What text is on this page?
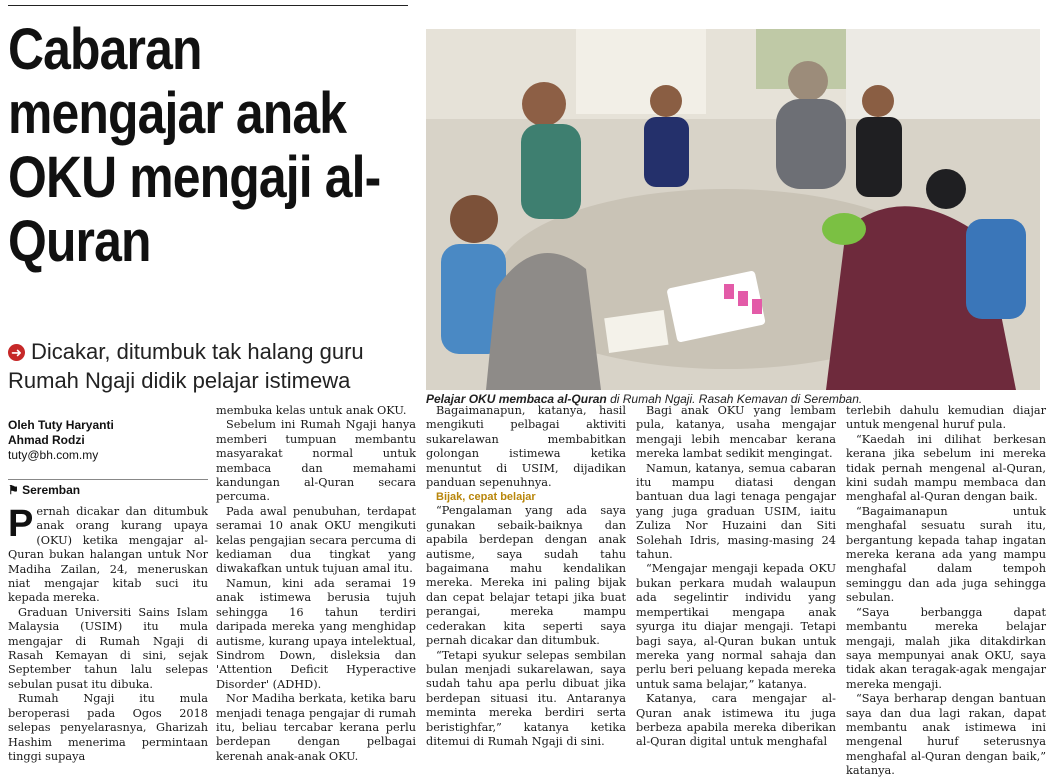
Cabaran mengajar anak OKU mengaji al-Quran
➜ Dicakar, ditumbuk tak halang guru Rumah Ngaji didik pelajar istimewa
Pelajar OKU membaca al-Quran di Rumah Ngaji. Rasah Kemavan di Seremban.
Oleh Tuty Haryanti
Ahmad Rodzi
tuty@bh.com.my
⚑ Seremban

Pernah dicakar dan ditumbuk anak orang kurang upaya (OKU) ketika mengajar al-Quran bukan halangan untuk Nor Madiha Zailan, 24, meneruskan niat mengajar kitab suci itu kepada mereka.

Graduan Universiti Sains Islam Malaysia (USIM) itu mula mengajar di Rumah Ngaji di Rasah Kemayan di sini, sejak September tahun lalu selepas sebulan pusat itu dibuka.

Rumah Ngaji itu mula beroperasi pada Ogos 2018 selepas penyelarasnya, Gharizah Hashim menerima permintaan tinggi supaya

membuka kelas untuk anak OKU.

Sebelum ini Rumah Ngaji hanya memberi tumpuan membantu masyarakat normal untuk membaca dan memahami kandungan al-Quran secara percuma.

Pada awal penubuhan, terdapat seramai 10 anak OKU mengikuti kelas pengajian secara percuma di kediaman dua tingkat yang diwakafkan untuk tujuan amal itu.

Namun, kini ada seramai 19 anak istimewa berusia tujuh sehingga 16 tahun terdiri daripada mereka yang menghidap autisme, kurang upaya intelektual, Sindrom Down, disleksia dan 'Attention Deficit Hyperactive Disorder' (ADHD).

Nor Madiha berkata, ketika baru menjadi tenaga pengajar di rumah itu, beliau tercabar kerana perlu berdepan dengan pelbagai kerenah anak-anak OKU.

Bagaimanapun, katanya, hasil mengikuti pelbagai aktiviti sukarelawan membabitkan golongan istimewa ketika menuntut di USIM, dijadikan panduan sepenuhnya.

Bijak, cepat belajar

“Pengalaman yang ada saya gunakan sebaik-baiknya dan apabila berdepan dengan anak autisme, saya sudah tahu bagaimana mahu kendalikan mereka. Mereka ini paling bijak dan cepat belajar tetapi jika buat perangai, mereka mampu cederakan kita seperti saya pernah dicakar dan ditumbuk.

“Tetapi syukur selepas sembilan bulan menjadi sukarelawan, saya sudah tahu apa perlu dibuat jika berdepan situasi itu. Antaranya meminta mereka berdiri serta beristighfar,” katanya ketika ditemui di Rumah Ngaji di sini.

Bagi anak OKU yang lembam pula, katanya, usaha mengajar mengaji lebih mencabar kerana mereka lambat sedikit mengingat.

Namun, katanya, semua cabaran itu mampu diatasi dengan bantuan dua lagi tenaga pengajar yang juga graduan USIM, iaitu Zuliza Nor Huzaini dan Siti Solehah Idris, masing-masing 24 tahun.

“Mengajar mengaji kepada OKU bukan perkara mudah walaupun ada segelintir individu yang mempertikai mengapa anak syurga itu diajar mengaji. Tetapi bagi saya, al-Quran bukan untuk mereka yang normal sahaja dan perlu beri peluang kepada mereka untuk sama belajar,” katanya.

Katanya, cara mengajar al-Quran anak istimewa itu juga berbeza apabila mereka diberikan al-Quran digital untuk menghafal

terlebih dahulu kemudian diajar untuk mengenal huruf pula.

“Kaedah ini dilihat berkesan kerana jika sebelum ini mereka tidak pernah mengenal al-Quran, kini sudah mampu membaca dan menghafal al-Quran dengan baik.

“Bagaimanapun untuk menghafal sesuatu surah itu, bergantung kepada tahap ingatan mereka kerana ada yang mampu menghafal dalam tempoh seminggu dan ada juga sehingga sebulan.

“Saya berbangga dapat membantu mereka belajar mengaji, malah jika ditakdirkan saya mempunyai anak OKU, saya tidak akan teragak-agak mengajar mereka mengaji.

“Saya berharap dengan bantuan saya dan dua lagi rakan, dapat membantu anak istimewa ini mengenal huruf seterusnya menghafal al-Quran dengan baik,” katanya.
